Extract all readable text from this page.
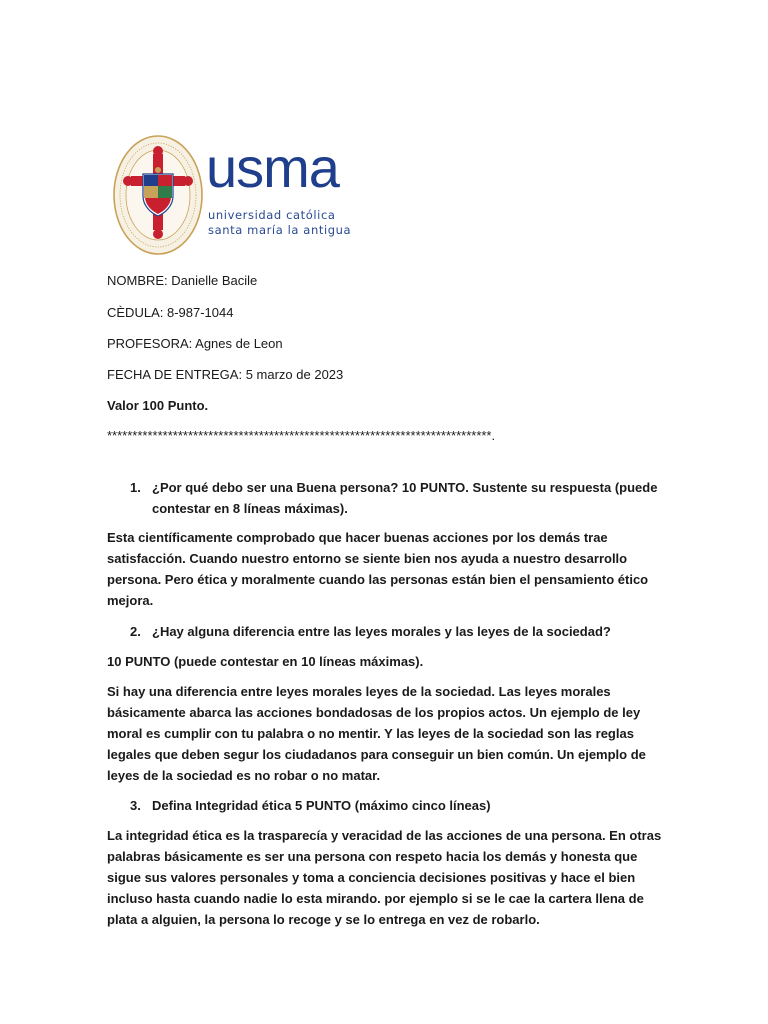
usma
universidad católica
santa maría la antigua
NOMBRE: Danielle Bacile
CÈDULA: 8-987-1044
PROFESORA: Agnes de Leon
FECHA DE ENTREGA: 5 marzo de 2023
Valor 100 Punto.
****************************************************************************.
1. ¿Por qué debo ser una Buena persona? 10 PUNTO. Sustente su respuesta (puede contestar en 8 líneas máximas).
Esta científicamente comprobado que hacer buenas acciones por los demás trae satisfacción. Cuando nuestro entorno se siente bien nos ayuda a nuestro desarrollo persona. Pero ética y moralmente cuando las personas están bien el pensamiento ético mejora.
2. ¿Hay alguna diferencia entre las leyes morales y las leyes de la sociedad?
10 PUNTO (puede contestar en 10 líneas máximas).
Si hay una diferencia entre leyes morales leyes de la sociedad. Las leyes morales básicamente abarca las acciones bondadosas de los propios actos. Un ejemplo de ley moral es cumplir con tu palabra o no mentir. Y las leyes de la sociedad son las reglas legales que deben segur los ciudadanos para conseguir un bien común. Un ejemplo de leyes de la sociedad es no robar o no matar.
3. Defina Integridad ética 5 PUNTO (máximo cinco líneas)
La integridad ética es la trasparecía y veracidad de las acciones de una persona. En otras palabras básicamente es ser una persona con respeto hacia los demás y honesta que sigue sus valores personales y toma a conciencia decisiones positivas y hace el bien incluso hasta cuando nadie lo esta mirando. por ejemplo si se le cae la cartera llena de plata a alguien, la persona lo recoge y se lo entrega en vez de robarlo.
